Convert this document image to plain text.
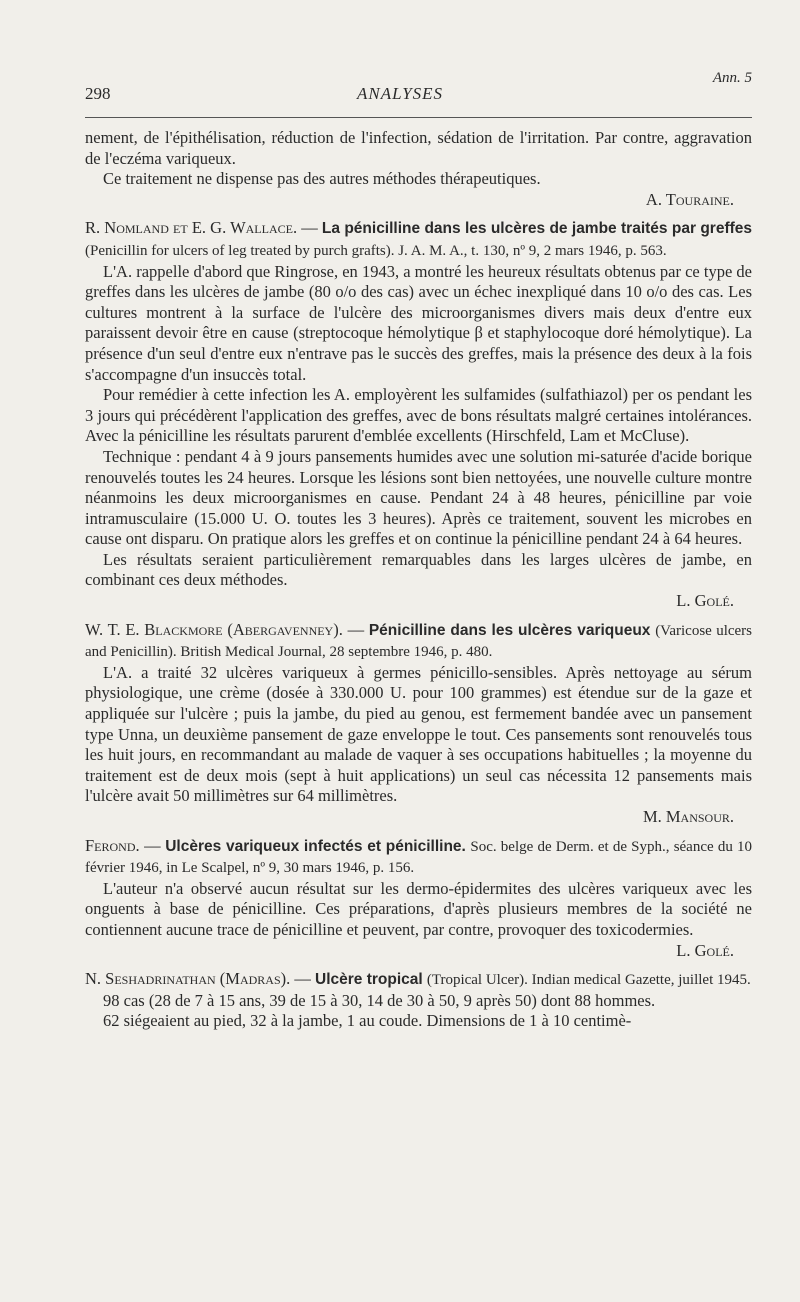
Ann. 5
298	ANALYSES

nement, de l'épithélisation, réduction de l'infection, sédation de l'irritation. Par contre, aggravation de l'eczéma variqueux.

Ce traitement ne dispense pas des autres méthodes thérapeutiques.

A. Touraine.

R. Nomland et E. G. Wallace. — La pénicilline dans les ulcères de jambe traités par greffes (Penicillin for ulcers of leg treated by purch grafts). J. A. M. A., t. 130, nº 9, 2 mars 1946, p. 563.

L'A. rappelle d'abord que Ringrose, en 1943, a montré les heureux résultats obtenus par ce type de greffes dans les ulcères de jambe (80 o/o des cas) avec un échec inexpliqué dans 10 o/o des cas. Les cultures montrent à la surface de l'ulcère des microorganismes divers mais deux d'entre eux paraissent devoir être en cause (streptocoque hémolytique β et staphylocoque doré hémolytique). La présence d'un seul d'entre eux n'entrave pas le succès des greffes, mais la présence des deux à la fois s'accompagne d'un insuccès total.

Pour remédier à cette infection les A. employèrent les sulfamides (sulfathiazol) per os pendant les 3 jours qui précédèrent l'application des greffes, avec de bons résultats malgré certaines intolérances. Avec la pénicilline les résultats parurent d'emblée excellents (Hirschfeld, Lam et McCluse).

Technique : pendant 4 à 9 jours pansements humides avec une solution mi-saturée d'acide borique renouvelés toutes les 24 heures. Lorsque les lésions sont bien nettoyées, une nouvelle culture montre néanmoins les deux microorganismes en cause. Pendant 24 à 48 heures, pénicilline par voie intramusculaire (15.000 U. O. toutes les 3 heures). Après ce traitement, souvent les microbes en cause ont disparu. On pratique alors les greffes et on continue la pénicilline pendant 24 à 64 heures.

Les résultats seraient particulièrement remarquables dans les larges ulcères de jambe, en combinant ces deux méthodes.

L. Golé.

W. T. E. Blackmore (Abergavenney). — Pénicilline dans les ulcères variqueux (Varicose ulcers and Penicillin). British Medical Journal, 28 septembre 1946, p. 480.

L'A. a traité 32 ulcères variqueux à germes pénicillo-sensibles. Après nettoyage au sérum physiologique, une crème (dosée à 330.000 U. pour 100 grammes) est étendue sur de la gaze et appliquée sur l'ulcère ; puis la jambe, du pied au genou, est fermement bandée avec un pansement type Unna, un deuxième pansement de gaze enveloppe le tout. Ces pansements sont renouvelés tous les huit jours, en recommandant au malade de vaquer à ses occupations habituelles ; la moyenne du traitement est de deux mois (sept à huit applications) un seul cas nécessita 12 pansements mais l'ulcère avait 50 millimètres sur 64 millimètres.

M. Mansour.

Ferond. — Ulcères variqueux infectés et pénicilline. Soc. belge de Derm. et de Syph., séance du 10 février 1946, in Le Scalpel, nº 9, 30 mars 1946, p. 156.

L'auteur n'a observé aucun résultat sur les dermo-épidermites des ulcères variqueux avec les onguents à base de pénicilline. Ces préparations, d'après plusieurs membres de la société ne contiennent aucune trace de pénicilline et peuvent, par contre, provoquer des toxicodermies.

L. Golé.

N. Seshadrinathan (Madras). — Ulcère tropical (Tropical Ulcer). Indian medical Gazette, juillet 1945.

98 cas (28 de 7 à 15 ans, 39 de 15 à 30, 14 de 30 à 50, 9 après 50) dont 88 hommes.

62 siégeaient au pied, 32 à la jambe, 1 au coude. Dimensions de 1 à 10 centimè-
